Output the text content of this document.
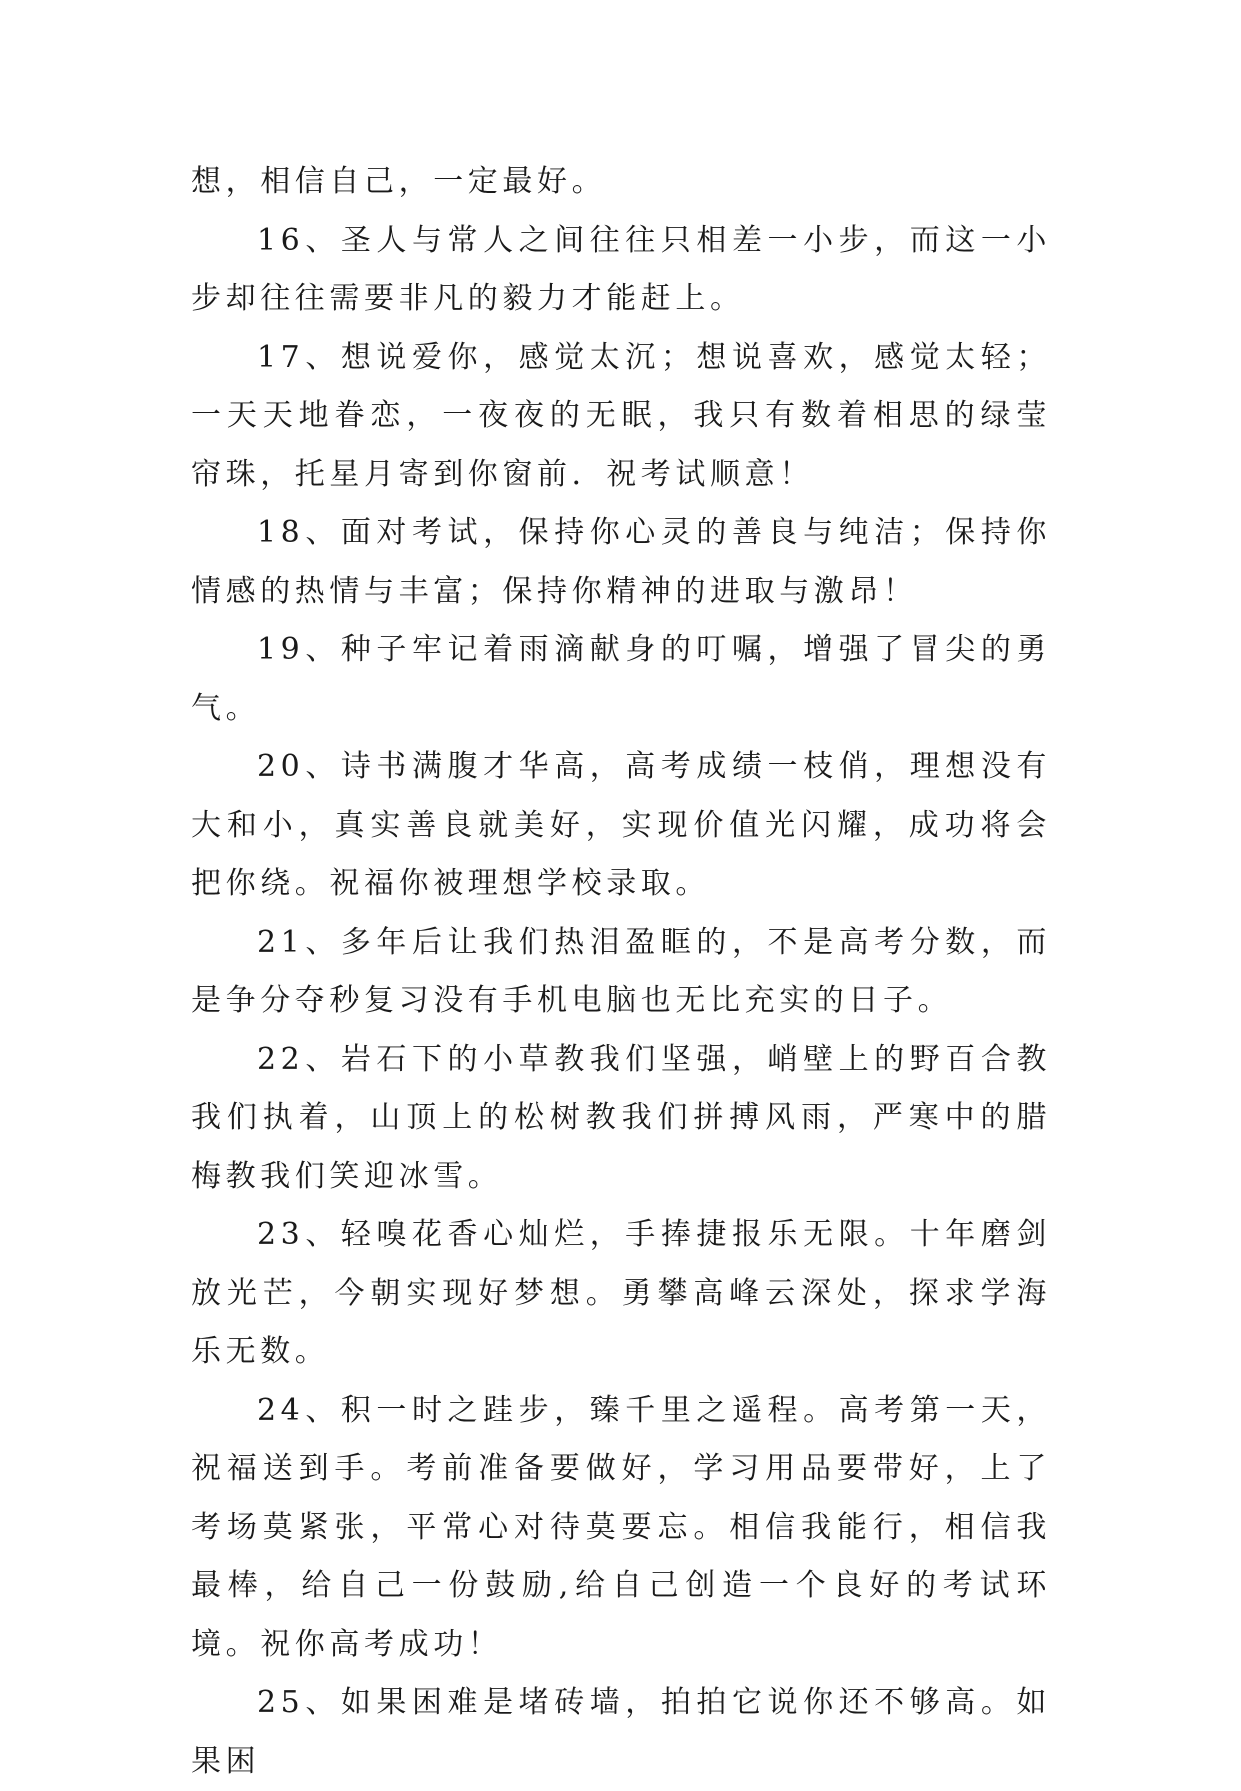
想，相信自己，一定最好。

16、圣人与常人之间往往只相差一小步，而这一小步却往往需要非凡的毅力才能赶上。

17、想说爱你，感觉太沉；想说喜欢，感觉太轻；一天天地眷恋，一夜夜的无眠，我只有数着相思的绿莹帘珠，托星月寄到你窗前．祝考试顺意！

18、面对考试，保持你心灵的善良与纯洁；保持你情感的热情与丰富；保持你精神的进取与激昂！

19、种子牢记着雨滴献身的叮嘱，增强了冒尖的勇气。

20、诗书满腹才华高，高考成绩一枝俏，理想没有大和小，真实善良就美好，实现价值光闪耀，成功将会把你绕。祝福你被理想学校录取。

21、多年后让我们热泪盈眶的，不是高考分数，而是争分夺秒复习没有手机电脑也无比充实的日子。

22、岩石下的小草教我们坚强，峭壁上的野百合教我们执着，山顶上的松树教我们拼搏风雨，严寒中的腊梅教我们笑迎冰雪。

23、轻嗅花香心灿烂，手捧捷报乐无限。十年磨剑放光芒，今朝实现好梦想。勇攀高峰云深处，探求学海乐无数。

24、积一时之跬步，臻千里之遥程。高考第一天，祝福送到手。考前准备要做好，学习用品要带好，上了考场莫紧张，平常心对待莫要忘。相信我能行，相信我最棒，给自己一份鼓励,给自己创造一个良好的考试环境。祝你高考成功！

25、如果困难是堵砖墙，拍拍它说你还不够高。如果困
